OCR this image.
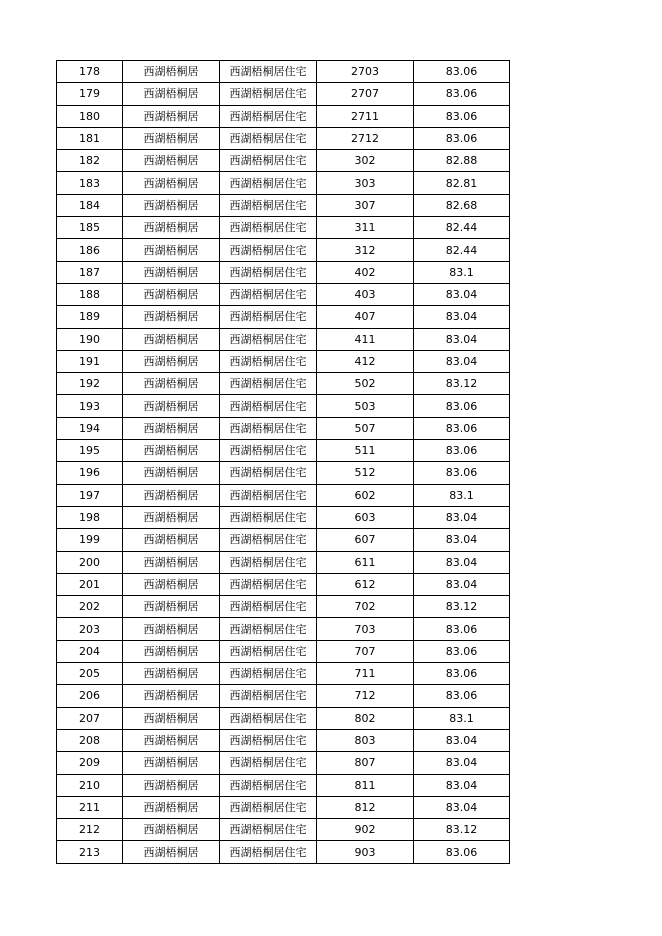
178	西湖梧桐居	西湖梧桐居住宅	2703	83.06
179	西湖梧桐居	西湖梧桐居住宅	2707	83.06
180	西湖梧桐居	西湖梧桐居住宅	2711	83.06
181	西湖梧桐居	西湖梧桐居住宅	2712	83.06
182	西湖梧桐居	西湖梧桐居住宅	302	82.88
183	西湖梧桐居	西湖梧桐居住宅	303	82.81
184	西湖梧桐居	西湖梧桐居住宅	307	82.68
185	西湖梧桐居	西湖梧桐居住宅	311	82.44
186	西湖梧桐居	西湖梧桐居住宅	312	82.44
187	西湖梧桐居	西湖梧桐居住宅	402	83.1
188	西湖梧桐居	西湖梧桐居住宅	403	83.04
189	西湖梧桐居	西湖梧桐居住宅	407	83.04
190	西湖梧桐居	西湖梧桐居住宅	411	83.04
191	西湖梧桐居	西湖梧桐居住宅	412	83.04
192	西湖梧桐居	西湖梧桐居住宅	502	83.12
193	西湖梧桐居	西湖梧桐居住宅	503	83.06
194	西湖梧桐居	西湖梧桐居住宅	507	83.06
195	西湖梧桐居	西湖梧桐居住宅	511	83.06
196	西湖梧桐居	西湖梧桐居住宅	512	83.06
197	西湖梧桐居	西湖梧桐居住宅	602	83.1
198	西湖梧桐居	西湖梧桐居住宅	603	83.04
199	西湖梧桐居	西湖梧桐居住宅	607	83.04
200	西湖梧桐居	西湖梧桐居住宅	611	83.04
201	西湖梧桐居	西湖梧桐居住宅	612	83.04
202	西湖梧桐居	西湖梧桐居住宅	702	83.12
203	西湖梧桐居	西湖梧桐居住宅	703	83.06
204	西湖梧桐居	西湖梧桐居住宅	707	83.06
205	西湖梧桐居	西湖梧桐居住宅	711	83.06
206	西湖梧桐居	西湖梧桐居住宅	712	83.06
207	西湖梧桐居	西湖梧桐居住宅	802	83.1
208	西湖梧桐居	西湖梧桐居住宅	803	83.04
209	西湖梧桐居	西湖梧桐居住宅	807	83.04
210	西湖梧桐居	西湖梧桐居住宅	811	83.04
211	西湖梧桐居	西湖梧桐居住宅	812	83.04
212	西湖梧桐居	西湖梧桐居住宅	902	83.12
213	西湖梧桐居	西湖梧桐居住宅	903	83.06
